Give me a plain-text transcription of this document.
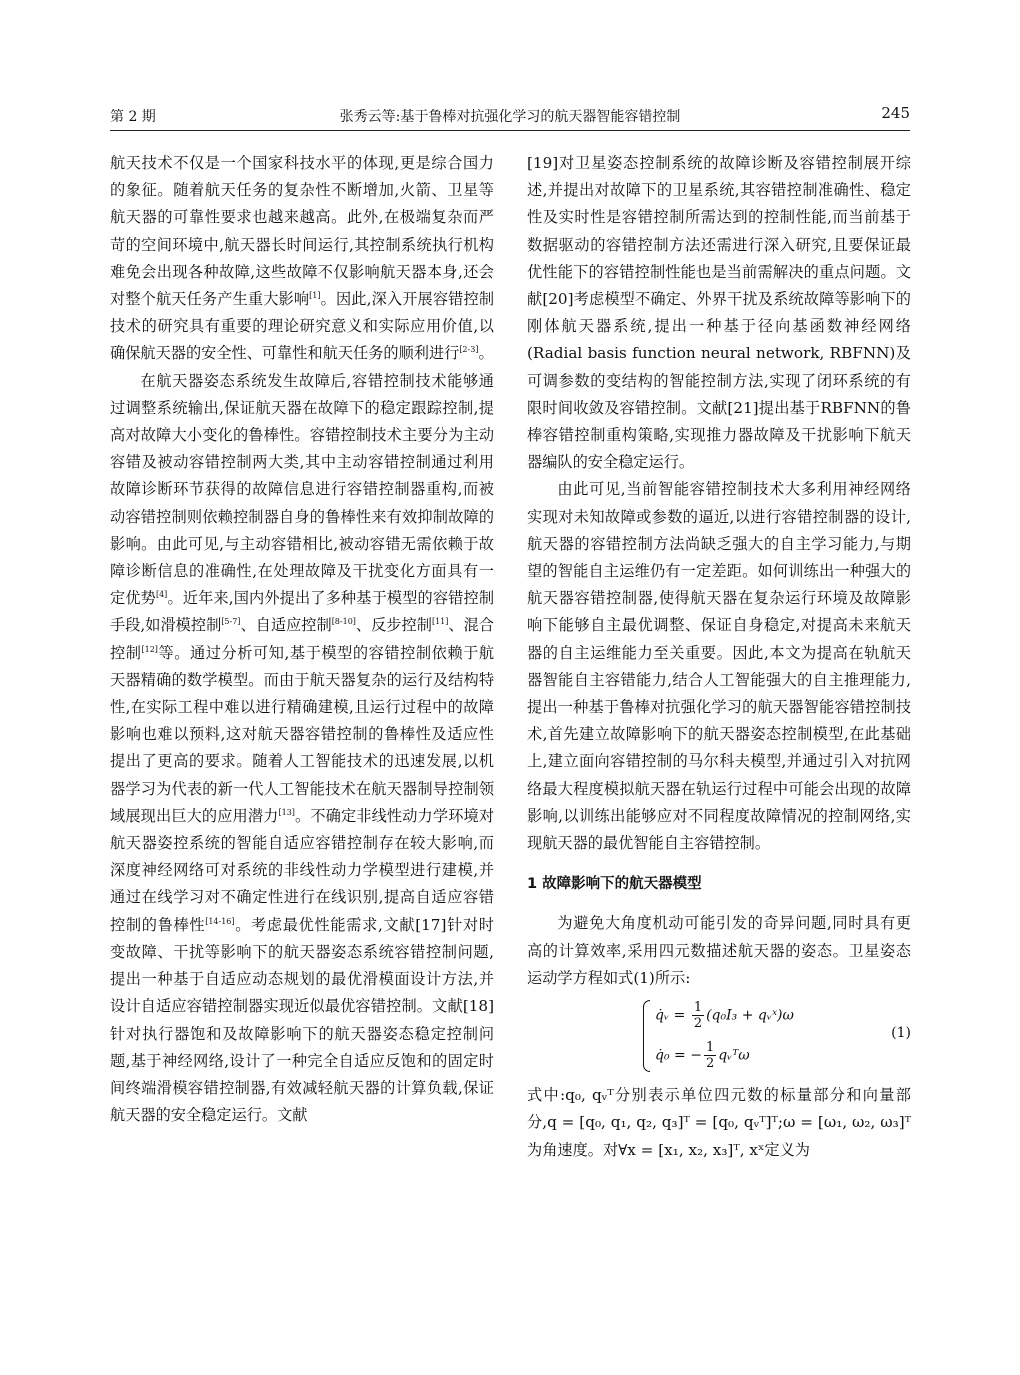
第 2 期	张秀云等:基于鲁棒对抗强化学习的航天器智能容错控制	245

航天技术不仅是一个国家科技水平的体现,更是综合国力的象征。随着航天任务的复杂性不断增加,火箭、卫星等航天器的可靠性要求也越来越高。此外,在极端复杂而严苛的空间环境中,航天器长时间运行,其控制系统执行机构难免会出现各种故障,这些故障不仅影响航天器本身,还会对整个航天任务产生重大影响[1]。因此,深入开展容错控制技术的研究具有重要的理论研究意义和实际应用价值,以确保航天器的安全性、可靠性和航天任务的顺利进行[2-3]。

在航天器姿态系统发生故障后,容错控制技术能够通过调整系统输出,保证航天器在故障下的稳定跟踪控制,提高对故障大小变化的鲁棒性。容错控制技术主要分为主动容错及被动容错控制两大类,其中主动容错控制通过利用故障诊断环节获得的故障信息进行容错控制器重构,而被动容错控制则依赖控制器自身的鲁棒性来有效抑制故障的影响。由此可见,与主动容错相比,被动容错无需依赖于故障诊断信息的准确性,在处理故障及干扰变化方面具有一定优势[4]。近年来,国内外提出了多种基于模型的容错控制手段,如滑模控制[5-7]、自适应控制[8-10]、反步控制[11]、混合控制[12]等。通过分析可知,基于模型的容错控制依赖于航天器精确的数学模型。而由于航天器复杂的运行及结构特性,在实际工程中难以进行精确建模,且运行过程中的故障影响也难以预料,这对航天器容错控制的鲁棒性及适应性提出了更高的要求。随着人工智能技术的迅速发展,以机器学习为代表的新一代人工智能技术在航天器制导控制领域展现出巨大的应用潜力[13]。不确定非线性动力学环境对航天器姿控系统的智能自适应容错控制存在较大影响,而深度神经网络可对系统的非线性动力学模型进行建模,并通过在线学习对不确定性进行在线识别,提高自适应容错控制的鲁棒性[14-16]。考虑最优性能需求,文献[17]针对时变故障、干扰等影响下的航天器姿态系统容错控制问题,提出一种基于自适应动态规划的最优滑模面设计方法,并设计自适应容错控制器实现近似最优容错控制。文献[18]针对执行器饱和及故障影响下的航天器姿态稳定控制问题,基于神经网络,设计了一种完全自适应反饱和的固定时间终端滑模容错控制器,有效减轻航天器的计算负载,保证航天器的安全稳定运行。文献

[19]对卫星姿态控制系统的故障诊断及容错控制展开综述,并提出对故障下的卫星系统,其容错控制准确性、稳定性及实时性是容错控制所需达到的控制性能,而当前基于数据驱动的容错控制方法还需进行深入研究,且要保证最优性能下的容错控制性能也是当前需解决的重点问题。文献[20]考虑模型不确定、外界干扰及系统故障等影响下的刚体航天器系统,提出一种基于径向基函数神经网络(Radial basis function neural network, RBFNN)及可调参数的变结构的智能控制方法,实现了闭环系统的有限时间收敛及容错控制。文献[21]提出基于RBFNN的鲁棒容错控制重构策略,实现推力器故障及干扰影响下航天器编队的安全稳定运行。

由此可见,当前智能容错控制技术大多利用神经网络实现对未知故障或参数的逼近,以进行容错控制器的设计,航天器的容错控制方法尚缺乏强大的自主学习能力,与期望的智能自主运维仍有一定差距。如何训练出一种强大的航天器容错控制器,使得航天器在复杂运行环境及故障影响下能够自主最优调整、保证自身稳定,对提高未来航天器的自主运维能力至关重要。因此,本文为提高在轨航天器智能自主容错能力,结合人工智能强大的自主推理能力,提出一种基于鲁棒对抗强化学习的航天器智能容错控制技术,首先建立故障影响下的航天器姿态控制模型,在此基础上,建立面向容错控制的马尔科夫模型,并通过引入对抗网络最大程度模拟航天器在轨运行过程中可能会出现的故障影响,以训练出能够应对不同程度故障情况的控制网络,实现航天器的最优智能自主容错控制。

1 故障影响下的航天器模型

为避免大角度机动可能引发的奇异问题,同时具有更高的计算效率,采用四元数描述航天器的姿态。卫星姿态运动学方程如式(1)所示:

q̇ᵥ = $\frac{1}{2} (q_0I_3$ + qᵥˣ)ω
q̇₀ = − $\frac{1}{2}$ qᵥᵀω
(1)

式中:q₀, qᵥᵀ分别表示单位四元数的标量部分和向量部分,q = [q₀, q₁, q₂, q₃]ᵀ = [q₀, qᵥᵀ]ᵀ;ω = [ω₁, ω₂, ω₃]ᵀ为角速度。对∀x = [x₁, x₂, x₃]ᵀ, xˣ定义为
